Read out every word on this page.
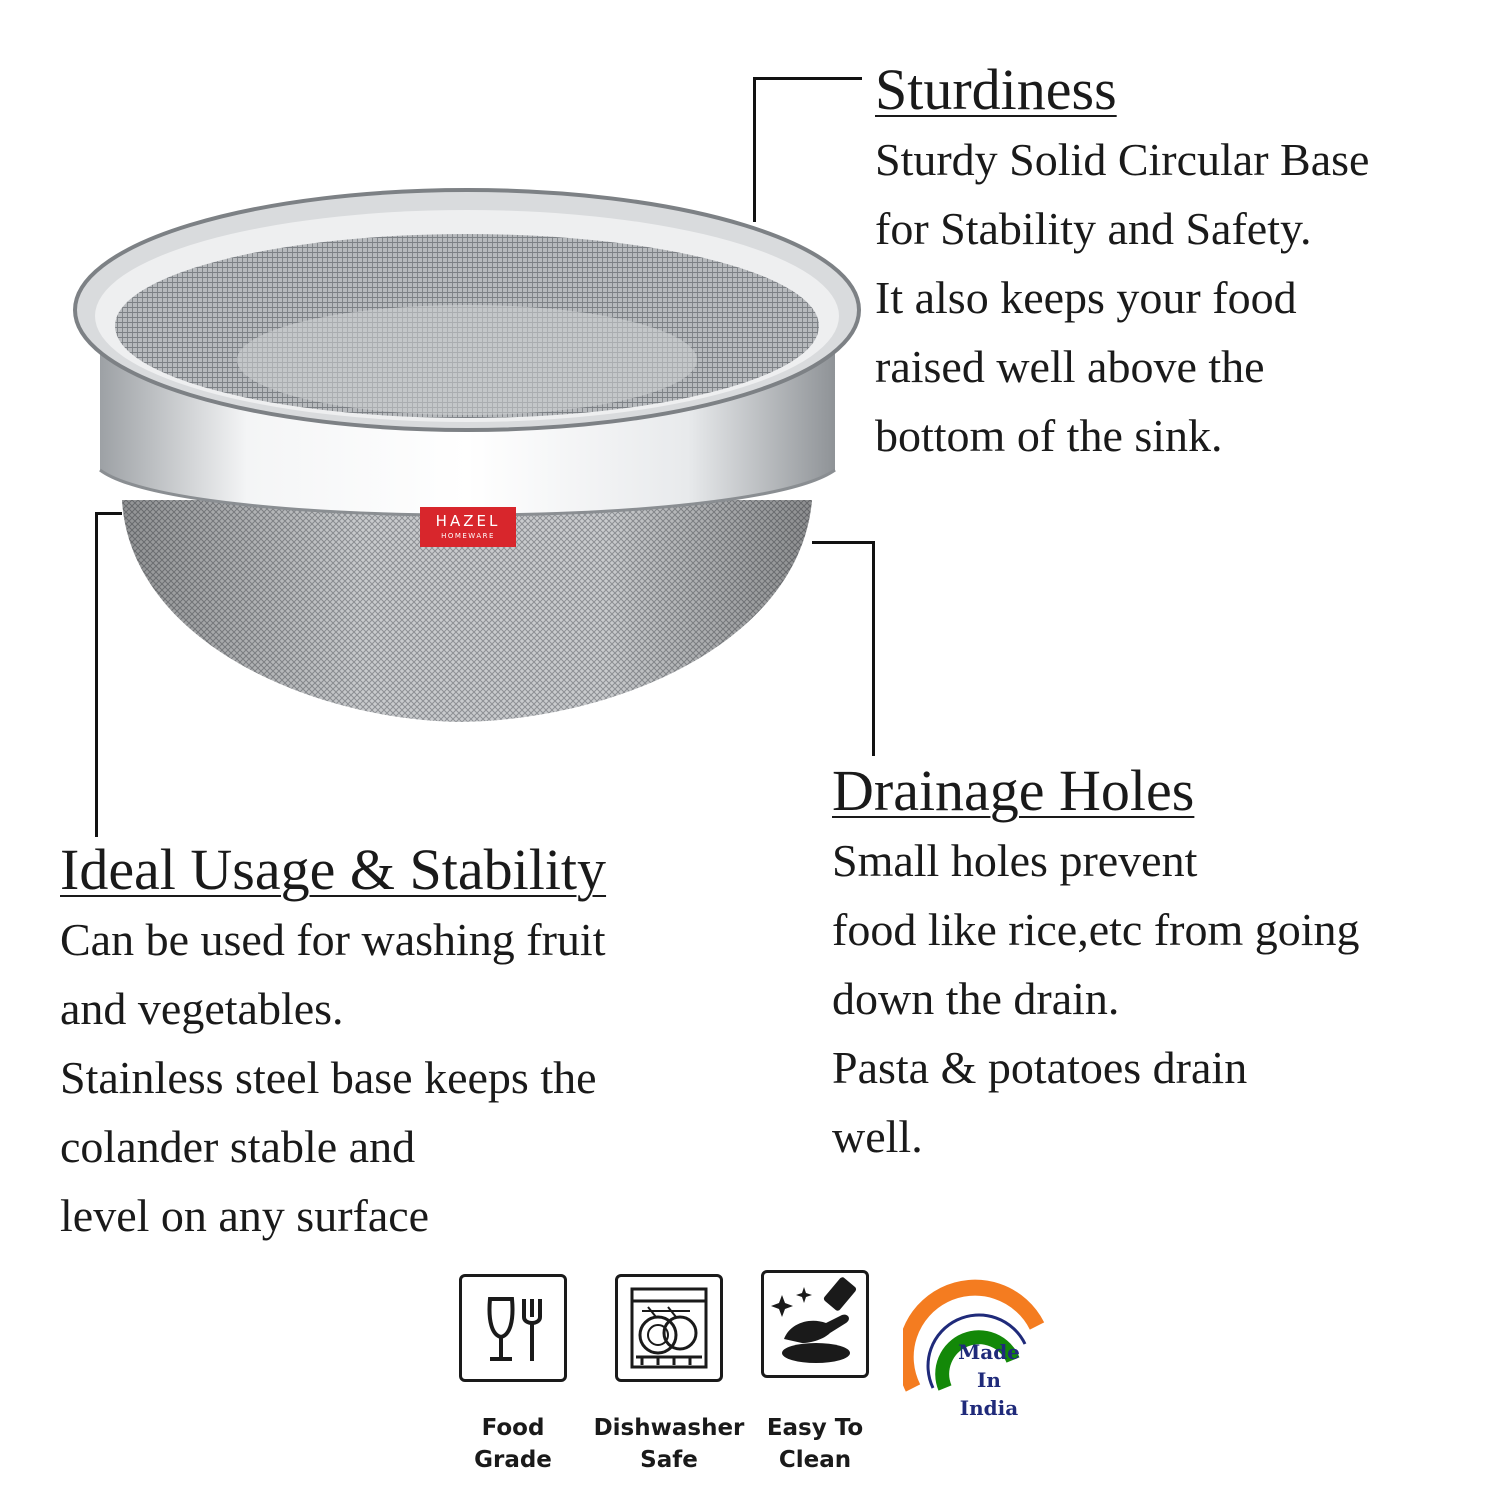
HAZEL
HOMEWARE
Sturdiness

Sturdy Solid Circular Base

for Stability and Safety.

It also keeps your food

raised well above the

bottom of the sink.

Drainage Holes

Small holes prevent

food like rice,etc from going

down the drain.

Pasta & potatoes drain

well.

Ideal Usage & Stability

Can be used for washing fruit

and vegetables.

Stainless steel base keeps the

colander stable and

level on any surface

Food
Grade
Dishwasher
Safe
Easy To
Clean
Made
In
India
